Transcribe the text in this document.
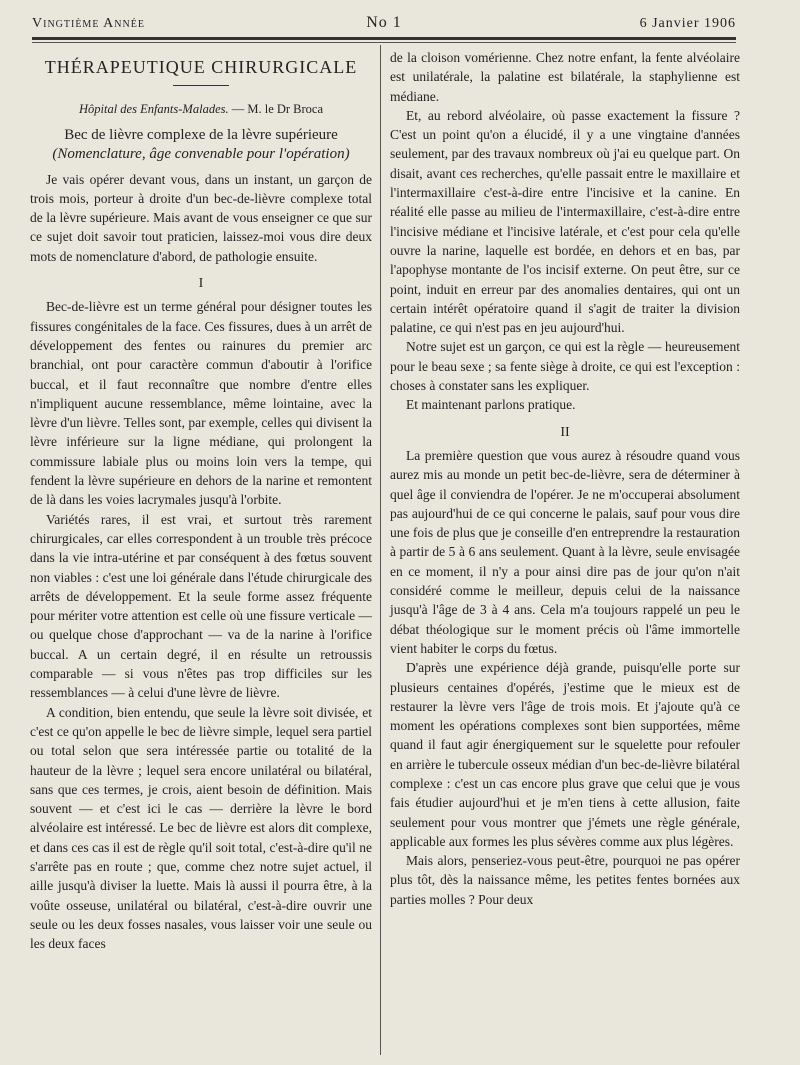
Vingtième Année	No 1	6 Janvier 1906
THÉRAPEUTIQUE CHIRURGICALE
Hôpital des Enfants-Malades. — M. le Dr Broca
Bec de lièvre complexe de la lèvre supérieure
(Nomenclature, âge convenable pour l'opération)

Je vais opérer devant vous, dans un instant, un garçon de trois mois, porteur à droite d'un bec-de-lièvre complexe total de la lèvre supérieure. Mais avant de vous enseigner ce que sur ce sujet doit savoir tout praticien, laissez-moi vous dire deux mots de nomenclature d'abord, de pathologie ensuite.

I

Bec-de-lièvre est un terme général pour désigner toutes les fissures congénitales de la face. Ces fissures, dues à un arrêt de développement des fentes ou rainures du premier arc branchial, ont pour caractère commun d'aboutir à l'orifice buccal, et il faut reconnaître que nombre d'entre elles n'impliquent aucune ressemblance, même lointaine, avec la lèvre d'un lièvre. Telles sont, par exemple, celles qui divisent la lèvre inférieure sur la ligne médiane, qui prolongent la commissure labiale plus ou moins loin vers la tempe, qui fendent la lèvre supérieure en dehors de la narine et remontent de là dans les voies lacrymales jusqu'à l'orbite.

Variétés rares, il est vrai, et surtout très rarement chirurgicales, car elles correspondent à un trouble très précoce dans la vie intra-utérine et par conséquent à des fœtus souvent non viables : c'est une loi générale dans l'étude chirurgicale des arrêts de développement. Et la seule forme assez fréquente pour mériter votre attention est celle où une fissure verticale — ou quelque chose d'approchant — va de la narine à l'orifice buccal. A un certain degré, il en résulte un retroussis comparable — si vous n'êtes pas trop difficiles sur les ressemblances — à celui d'une lèvre de lièvre.

A condition, bien entendu, que seule la lèvre soit divisée, et c'est ce qu'on appelle le bec de lièvre simple, lequel sera partiel ou total selon que sera intéressée partie ou totalité de la hauteur de la lèvre ; lequel sera encore unilatéral ou bilatéral, sans que ces termes, je crois, aient besoin de définition. Mais souvent — et c'est ici le cas — derrière la lèvre le bord alvéolaire est intéressé. Le bec de lièvre est alors dit complexe, et dans ces cas il est de règle qu'il soit total, c'est-à-dire qu'il ne s'arrête pas en route ; que, comme chez notre sujet actuel, il aille jusqu'à diviser la luette. Mais là aussi il pourra être, à la voûte osseuse, unilatéral ou bilatéral, c'est-à-dire ouvrir une seule ou les deux fosses nasales, vous laisser voir une seule ou les deux faces

de la cloison vomérienne. Chez notre enfant, la fente alvéolaire est unilatérale, la palatine est bilatérale, la staphylienne est médiane.

Et, au rebord alvéolaire, où passe exactement la fissure ? C'est un point qu'on a élucidé, il y a une vingtaine d'années seulement, par des travaux nombreux où j'ai eu quelque part. On disait, avant ces recherches, qu'elle passait entre le maxillaire et l'intermaxillaire c'est-à-dire entre l'incisive et la canine. En réalité elle passe au milieu de l'intermaxillaire, c'est-à-dire entre l'incisive médiane et l'incisive latérale, et c'est pour cela qu'elle ouvre la narine, laquelle est bordée, en dehors et en bas, par l'apophyse montante de l'os incisif externe. On peut être, sur ce point, induit en erreur par des anomalies dentaires, qui ont un certain intérêt opératoire quand il s'agit de traiter la division palatine, ce qui n'est pas en jeu aujourd'hui.

Notre sujet est un garçon, ce qui est la règle — heureusement pour le beau sexe ; sa fente siège à droite, ce qui est l'exception : choses à constater sans les expliquer.

Et maintenant parlons pratique.

II

La première question que vous aurez à résoudre quand vous aurez mis au monde un petit bec-de-lièvre, sera de déterminer à quel âge il conviendra de l'opérer. Je ne m'occuperai absolument pas aujourd'hui de ce qui concerne le palais, sauf pour vous dire une fois de plus que je conseille d'en entreprendre la restauration à partir de 5 à 6 ans seulement. Quant à la lèvre, seule envisagée en ce moment, il n'y a pour ainsi dire pas de jour qu'on n'ait considéré comme le meilleur, depuis celui de la naissance jusqu'à l'âge de 3 à 4 ans. Cela m'a toujours rappelé un peu le débat théologique sur le moment précis où l'âme immortelle vient habiter le corps du fœtus.

D'après une expérience déjà grande, puisqu'elle porte sur plusieurs centaines d'opérés, j'estime que le mieux est de restaurer la lèvre vers l'âge de trois mois. Et j'ajoute qu'à ce moment les opérations complexes sont bien supportées, même quand il faut agir énergiquement sur le squelette pour refouler en arrière le tubercule osseux médian d'un bec-de-lièvre bilatéral complexe : c'est un cas encore plus grave que celui que je vous fais étudier aujourd'hui et je m'en tiens à cette allusion, faite seulement pour vous montrer que j'émets une règle générale, applicable aux formes les plus sévères comme aux plus légères.

Mais alors, penseriez-vous peut-être, pourquoi ne pas opérer plus tôt, dès la naissance même, les petites fentes bornées aux parties molles ? Pour deux
